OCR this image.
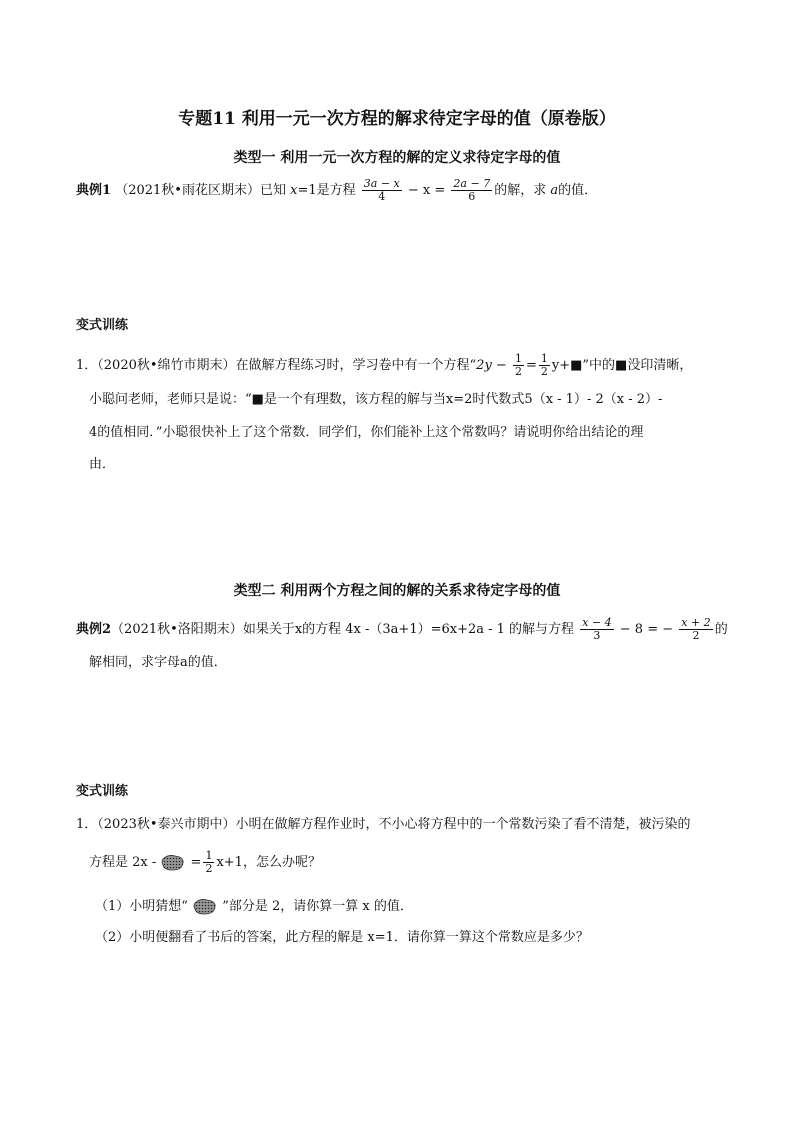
专题11 利用一元一次方程的解求待定字母的值（原卷版）
类型一 利用一元一次方程的解的定义求待定字母的值
典例1 （2021秋•雨花区期末）已知 x=1是方程 $\frac{3a - x}{4} - x = \frac{2a - 7}{6}$ 的解，求 a的值．
变式训练
1．（2020秋•绵竹市期末）在做解方程练习时，学习卷中有一个方程“$2y - \frac{1}{2} = \frac{1}{2}$ y+■”中的■没印清晰，
小聪问老师，老师只是说：“■是一个有理数，该方程的解与当x=2时代数式5（x - 1）- 2（x - 2）-
4的值相同．”小聪很快补上了这个常数．同学们，你们能补上这个常数吗？请说明你给出结论的理
由．
类型二 利用两个方程之间的解的关系求待定字母的值
典例2（2021秋•洛阳期末）如果关于x的方程 4x -（3a+1）=6x+2a - 1 的解与方程 $\frac{x - 4}{3} - 8$ = − $\frac{x + 2}{2}$ 的
解相同，求字母a的值．
变式训练
1．（2023秋•泰兴市期中）小明在做解方程作业时，不小心将方程中的一个常数污染了看不清楚，被污染的
方程是 2x -	= $\frac{1}{2} x+1$，怎么办呢？
（1）小明猜想“	”部分是 2，请你算一算 x 的值．
（2）小明便翻看了书后的答案，此方程的解是 x=1．请你算一算这个常数应是多少？
